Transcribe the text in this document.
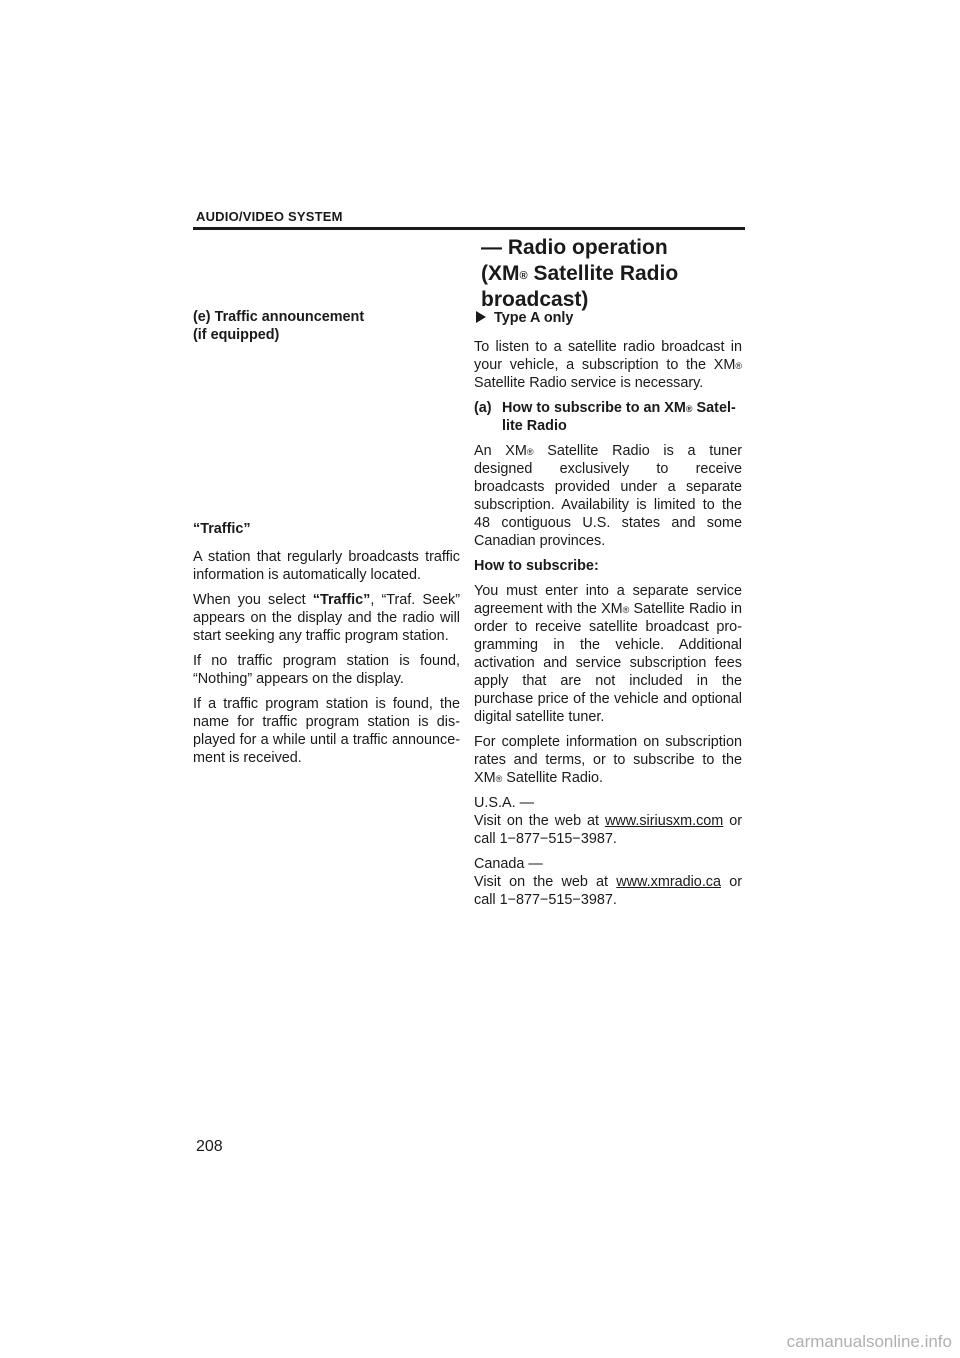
AUDIO/VIDEO SYSTEM
— Radio operation
(XM® Satellite Radio
broadcast)
(e) Traffic announcement
(if equipped)

“Traffic”

A station that regularly broadcasts traffic information is automatically located.

When you select “Traffic”, “Traf. Seek” appears on the display and the radio will start seeking any traffic program station.

If no traffic program station is found, “Nothing” appears on the display.

If a traffic program station is found, the name for traffic program station is displayed for a while until a traffic announcement is received.

Type A only

To listen to a satellite radio broadcast in your vehicle, a subscription to the XM® Satellite Radio service is necessary.

(a) How to subscribe to an XM® Satellite Radio

An XM® Satellite Radio is a tuner designed exclusively to receive broadcasts provided under a separate subscription. Availability is limited to the 48 contiguous U.S. states and some Canadian provinces.

How to subscribe:

You must enter into a separate service agreement with the XM® Satellite Radio in order to receive satellite broadcast programming in the vehicle. Additional activation and service subscription fees apply that are not included in the purchase price of the vehicle and optional digital satellite tuner.

For complete information on subscription rates and terms, or to subscribe to the XM® Satellite Radio.

U.S.A. —

Visit on the web at www.siriusxm.com or call 1−877−515−3987.

Canada —

Visit on the web at www.xmradio.ca or call 1−877−515−3987.

208
carmanualsonline.info
